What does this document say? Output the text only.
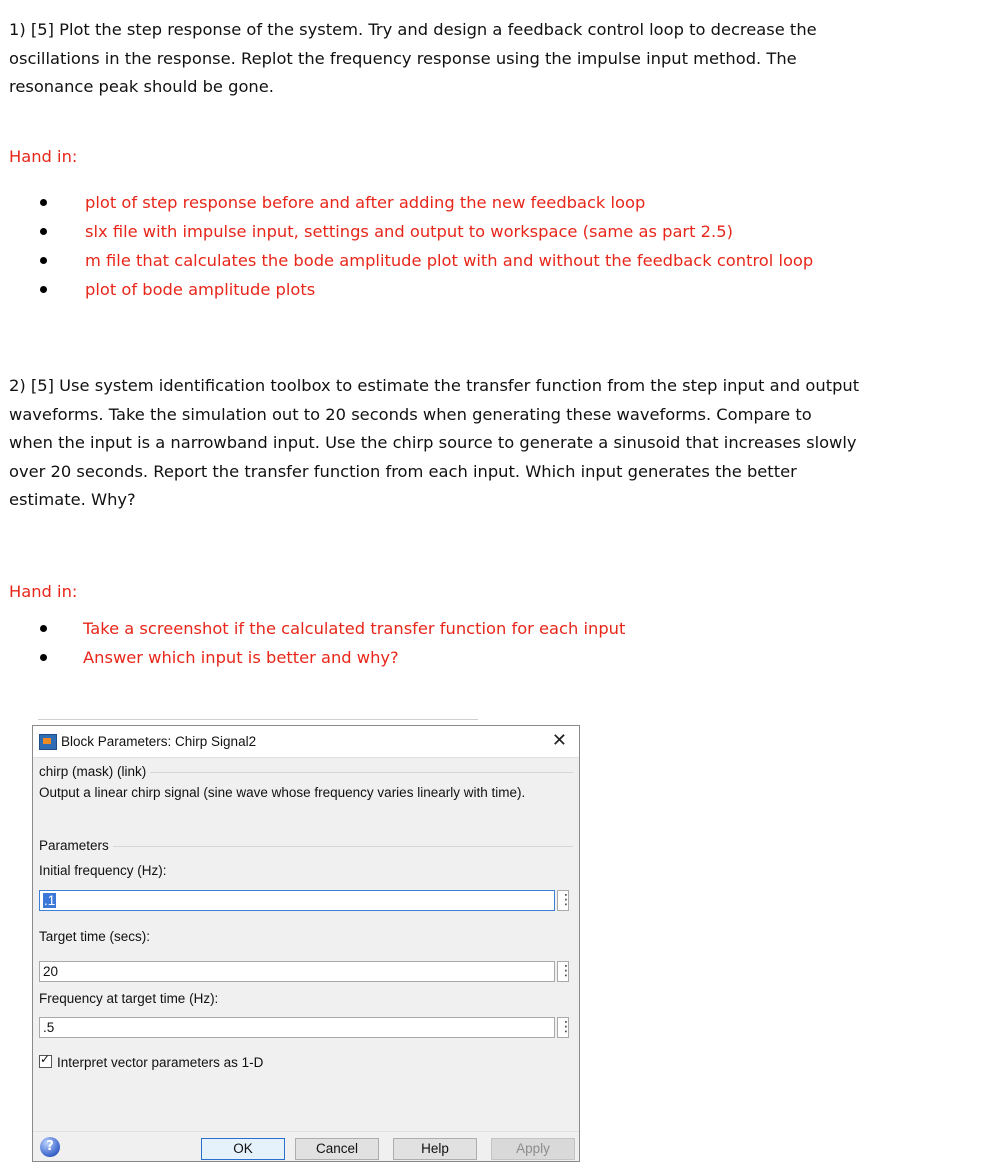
1) [5] Plot the step response of the system. Try and design a feedback control loop to decrease the
oscillations in the response. Replot the frequency response using the impulse input method. The
resonance peak should be gone.
Hand in:
plot of step response before and after adding the new feedback loop
slx file with impulse input, settings and output to workspace (same as part 2.5)
m file that calculates the bode amplitude plot with and without the feedback control loop
plot of bode amplitude plots
2) [5] Use system identification toolbox to estimate the transfer function from the step input and output
waveforms. Take the simulation out to 20 seconds when generating these waveforms. Compare to
when the input is a narrowband input. Use the chirp source to generate a sinusoid that increases slowly
over 20 seconds. Report the transfer function from each input. Which input generates the better
estimate. Why?
Hand in:
Take a screenshot if the calculated transfer function for each input
Answer which input is better and why?
Block Parameters: Chirp Signal2	✕
chirp (mask) (link)
Output a linear chirp signal (sine wave whose frequency varies linearly with time).
Parameters
Initial frequency (Hz):
.1
⋮
Target time (secs):
20
⋮
Frequency at target time (Hz):
.5
⋮
✓Interpret vector parameters as 1-D
?	OK	Cancel	Help	Apply
